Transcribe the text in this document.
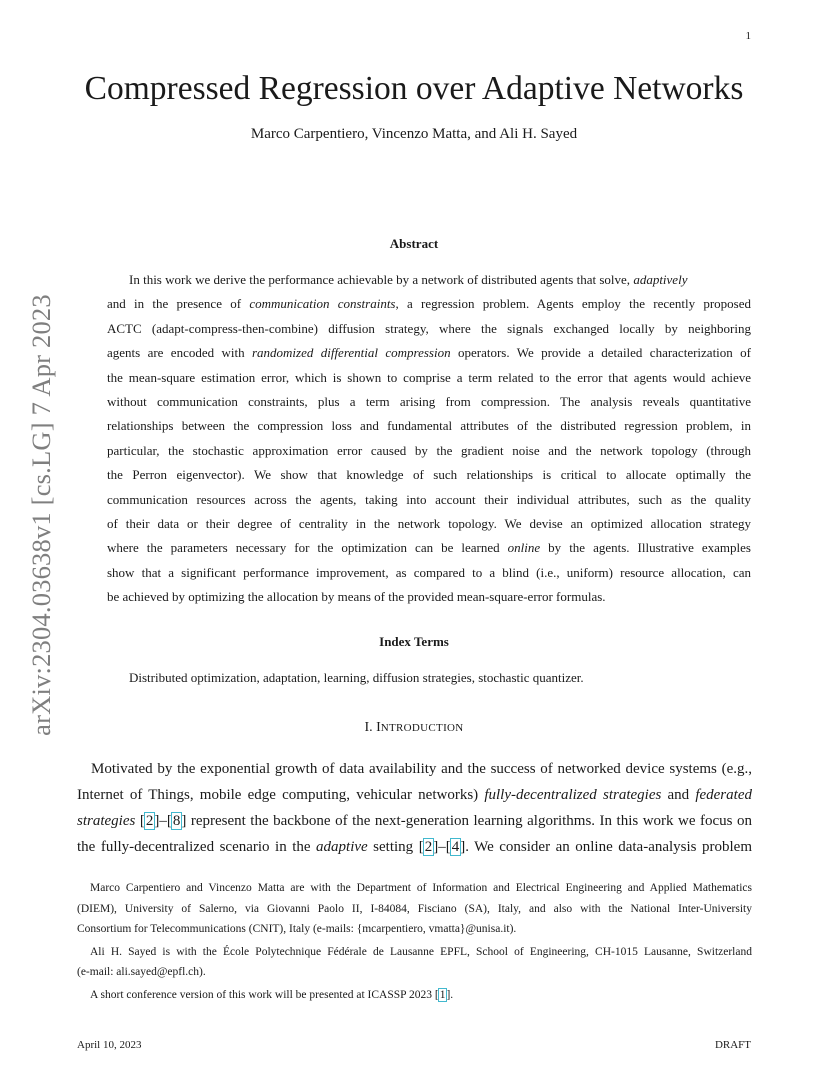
1
arXiv:2304.03638v1 [cs.LG] 7 Apr 2023
Compressed Regression over Adaptive Networks
Marco Carpentiero, Vincenzo Matta, and Ali H. Sayed
Abstract
In this work we derive the performance achievable by a network of distributed agents that solve, adaptively
and in the presence of communication constraints, a regression problem. Agents employ the recently proposed
ACTC (adapt-compress-then-combine) diffusion strategy, where the signals exchanged locally by neighboring
agents are encoded with randomized differential compression operators. We provide a detailed characterization of
the mean-square estimation error, which is shown to comprise a term related to the error that agents would achieve
without communication constraints, plus a term arising from compression. The analysis reveals quantitative
relationships between the compression loss and fundamental attributes of the distributed regression problem, in
particular, the stochastic approximation error caused by the gradient noise and the network topology (through
the Perron eigenvector). We show that knowledge of such relationships is critical to allocate optimally the
communication resources across the agents, taking into account their individual attributes, such as the quality
of their data or their degree of centrality in the network topology. We devise an optimized allocation strategy
where the parameters necessary for the optimization can be learned online by the agents. Illustrative examples
show that a significant performance improvement, as compared to a blind (i.e., uniform) resource allocation, can
be achieved by optimizing the allocation by means of the provided mean-square-error formulas.
Index Terms
Distributed optimization, adaptation, learning, diffusion strategies, stochastic quantizer.
I. INTRODUCTION
Motivated by the exponential growth of data availability and the success of networked device systems (e.g.,
Internet of Things, mobile edge computing, vehicular networks) fully-decentralized strategies and federated
strategies [2]–[8] represent the backbone of the next-generation learning algorithms. In this work we focus on
the fully-decentralized scenario in the adaptive setting [2]–[4]. We consider an online data-analysis problem
Marco Carpentiero and Vincenzo Matta are with the Department of Information and Electrical Engineering and Applied Mathematics
(DIEM), University of Salerno, via Giovanni Paolo II, I-84084, Fisciano (SA), Italy, and also with the National Inter-University
Consortium for Telecommunications (CNIT), Italy (e-mails: {mcarpentiero, vmatta}@unisa.it).
Ali H. Sayed is with the École Polytechnique Fédérale de Lausanne EPFL, School of Engineering, CH-1015 Lausanne, Switzerland
(e-mail: ali.sayed@epfl.ch).
A short conference version of this work will be presented at ICASSP 2023 [1].
April 10, 2023	DRAFT
